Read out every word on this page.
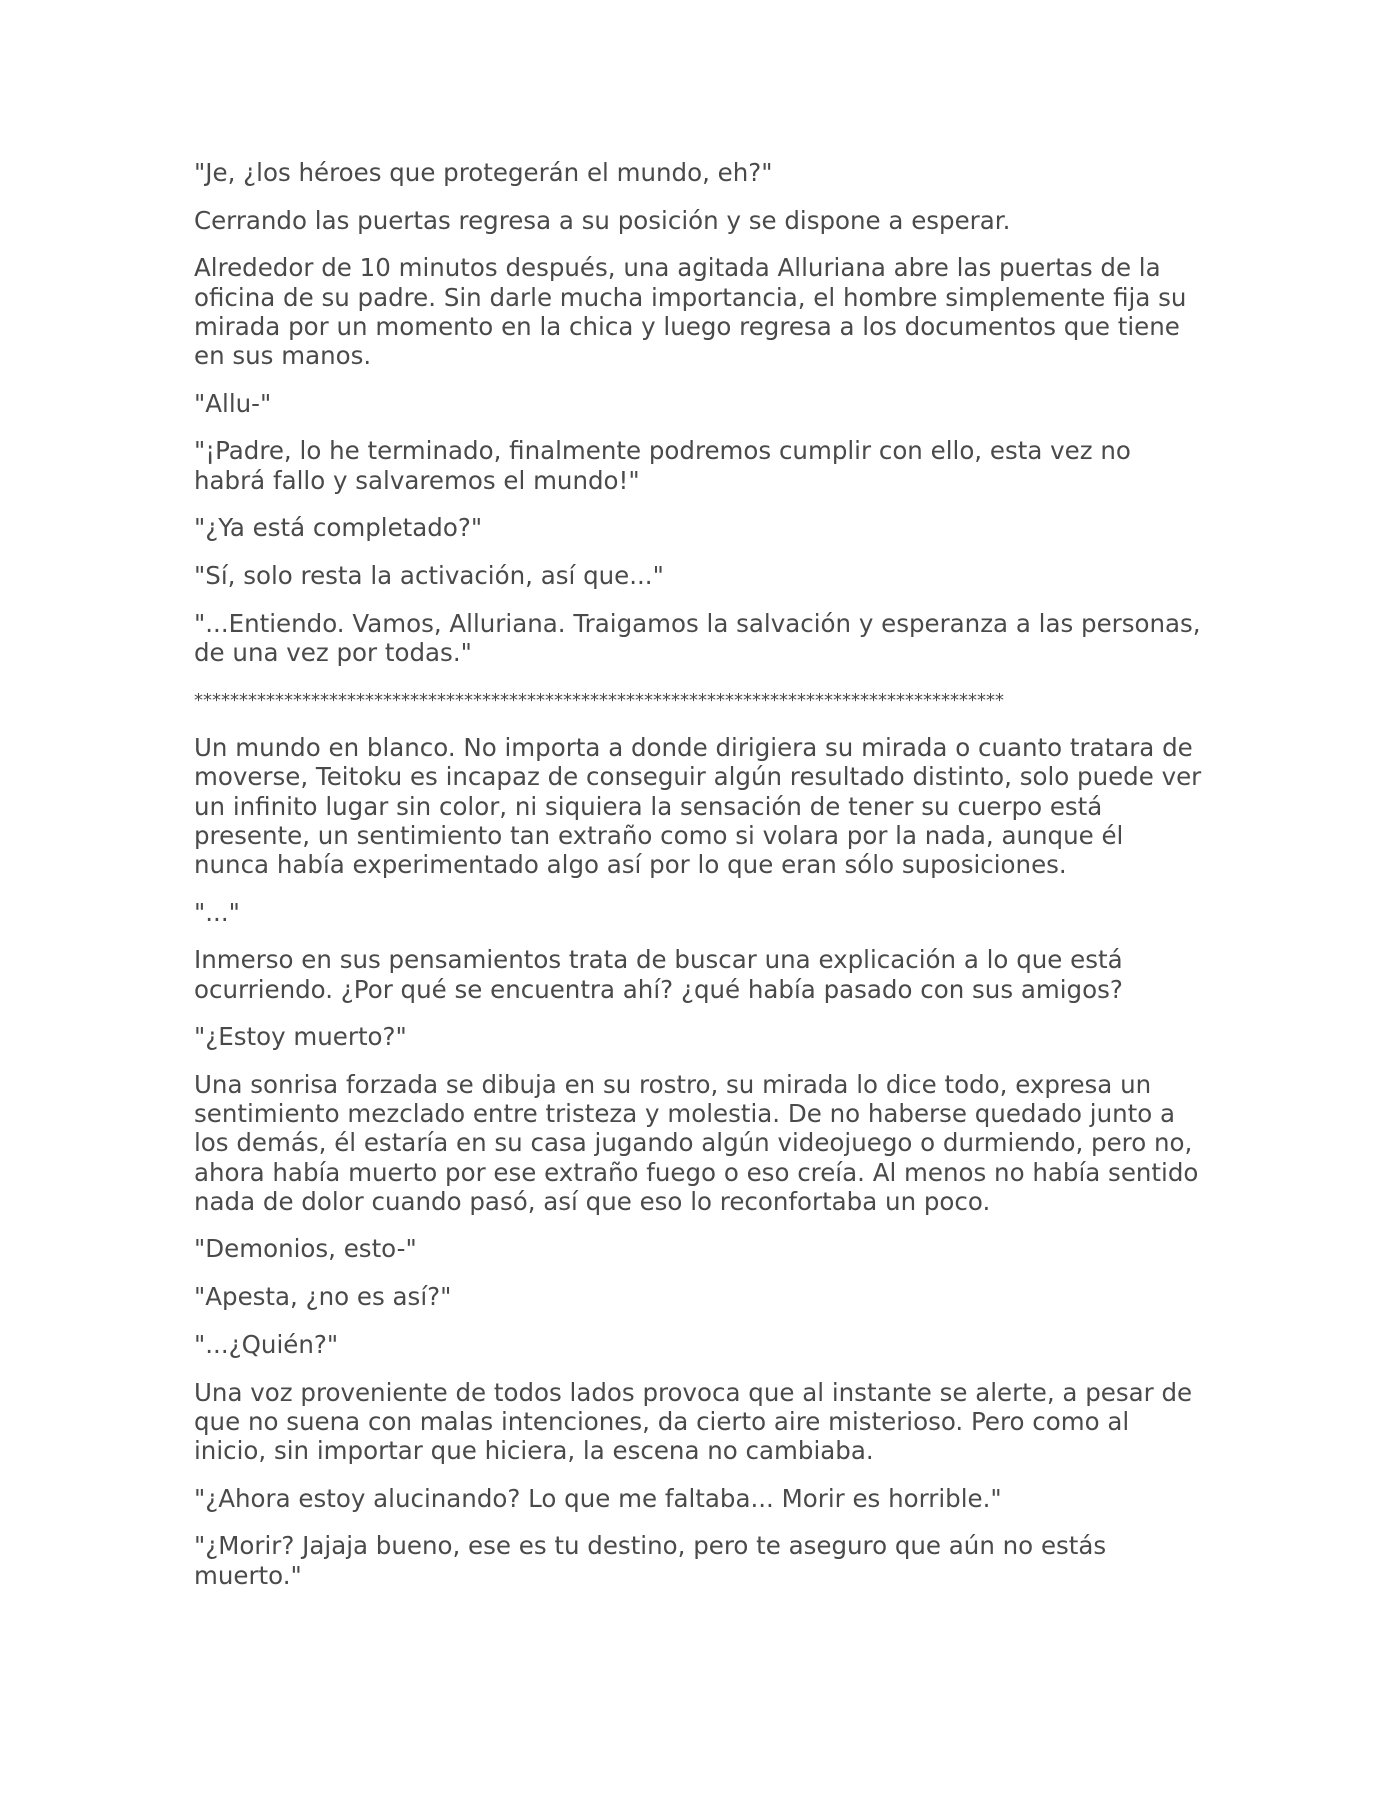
"Je, ¿los héroes que protegerán el mundo, eh?"

Cerrando las puertas regresa a su posición y se dispone a esperar.

Alrededor de 10 minutos después, una agitada Alluriana abre las puertas de la oficina de su padre. Sin darle mucha importancia, el hombre simplemente fija su mirada por un momento en la chica y luego regresa a los documentos que tiene en sus manos.

"Allu-"

"¡Padre, lo he terminado, finalmente podremos cumplir con ello, esta vez no habrá fallo y salvaremos el mundo!"

"¿Ya está completado?"

"Sí, solo resta la activación, así que..."

"...Entiendo. Vamos, Alluriana. Traigamos la salvación y esperanza a las personas, de una vez por todas."

******************************************************************************************

Un mundo en blanco. No importa a donde dirigiera su mirada o cuanto tratara de moverse, Teitoku es incapaz de conseguir algún resultado distinto, solo puede ver un infinito lugar sin color, ni siquiera la sensación de tener su cuerpo está presente, un sentimiento tan extraño como si volara por la nada, aunque él nunca había experimentado algo así por lo que eran sólo suposiciones.

"..."

Inmerso en sus pensamientos trata de buscar una explicación a lo que está ocurriendo. ¿Por qué se encuentra ahí? ¿qué había pasado con sus amigos?

"¿Estoy muerto?"

Una sonrisa forzada se dibuja en su rostro, su mirada lo dice todo, expresa un sentimiento mezclado entre tristeza y molestia. De no haberse quedado junto a los demás, él estaría en su casa jugando algún videojuego o durmiendo, pero no, ahora había muerto por ese extraño fuego o eso creía. Al menos no había sentido nada de dolor cuando pasó, así que eso lo reconfortaba un poco.

"Demonios, esto-"

"Apesta, ¿no es así?"

"...¿Quién?"

Una voz proveniente de todos lados provoca que al instante se alerte, a pesar de que no suena con malas intenciones, da cierto aire misterioso. Pero como al inicio, sin importar que hiciera, la escena no cambiaba.

"¿Ahora estoy alucinando? Lo que me faltaba... Morir es horrible."

"¿Morir? Jajaja bueno, ese es tu destino, pero te aseguro que aún no estás muerto."
